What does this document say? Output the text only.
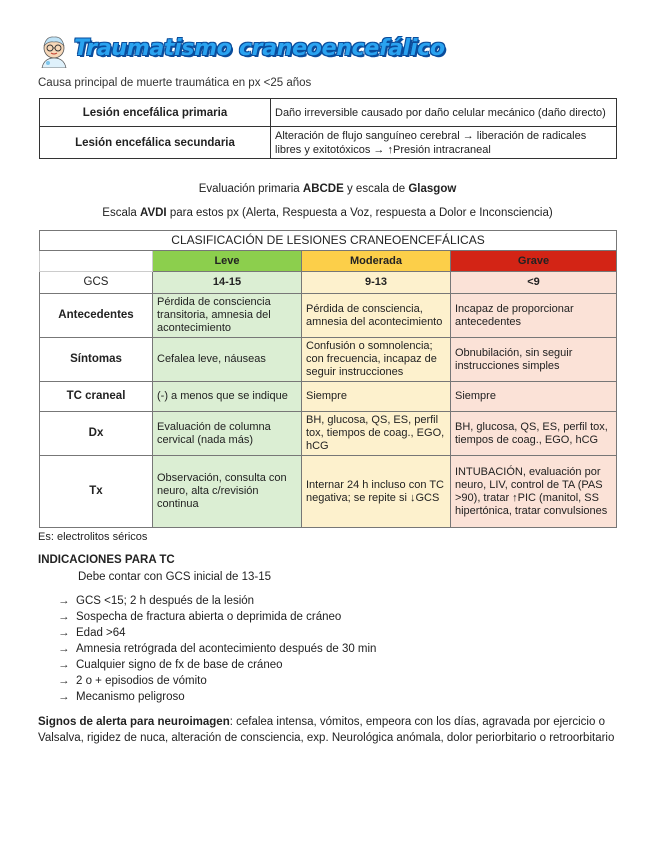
Traumatismo craneoencefálico
Causa principal de muerte traumática en px <25 años
Lesión encefálica primaria	Daño irreversible causado por daño celular mecánico (daño directo)
Lesión encefálica secundaria	Alteración de flujo sanguíneo cerebral → liberación de radicales libres y exitotóxicos → ↑Presión intracraneal
Evaluación primaria ABCDE y escala de Glasgow
Escala AVDI para estos px (Alerta, Respuesta a Voz, respuesta a Dolor e Inconsciencia)
CLASIFICACIÓN DE LESIONES CRANEOENCEFÁLICAS			
	Leve	Moderada	Grave
GCS	14-15	9-13	<9
Antecedentes	Pérdida de consciencia transitoria, amnesia del acontecimiento	Pérdida de consciencia, amnesia del acontecimiento	Incapaz de proporcionar antecedentes
Síntomas	Cefalea leve, náuseas	Confusión o somnolencia; con frecuencia, incapaz de seguir instrucciones	Obnubilación, sin seguir instrucciones simples
TC craneal	(-) a menos que se indique	Siempre	Siempre
Dx	Evaluación de columna cervical (nada más)	BH, glucosa, QS, ES, perfil tox, tiempos de coag., EGO, hCG	BH, glucosa, QS, ES, perfil tox, tiempos de coag., EGO, hCG
Tx	Observación, consulta con neuro, alta c/revisión continua	Internar 24 h incluso con TC negativa; se repite si ↓GCS	INTUBACIÓN, evaluación por neuro, LIV, control de TA (PAS >90), tratar ↑PIC (manitol, SS hipertónica, tratar convulsiones
Es: electrolitos séricos
INDICACIONES PARA TC
Debe contar con GCS inicial de 13-15
→ GCS <15; 2 h después de la lesión
→ Sospecha de fractura abierta o deprimida de cráneo
→ Edad >64
→ Amnesia retrógrada del acontecimiento después de 30 min
→ Cualquier signo de fx de base de cráneo
→ 2 o + episodios de vómito
→ Mecanismo peligroso
Signos de alerta para neuroimagen: cefalea intensa, vómitos, empeora con los días, agravada por ejercicio o Valsalva, rigidez de nuca, alteración de consciencia, exp. Neurológica anómala, dolor periorbitario o retroorbitario
